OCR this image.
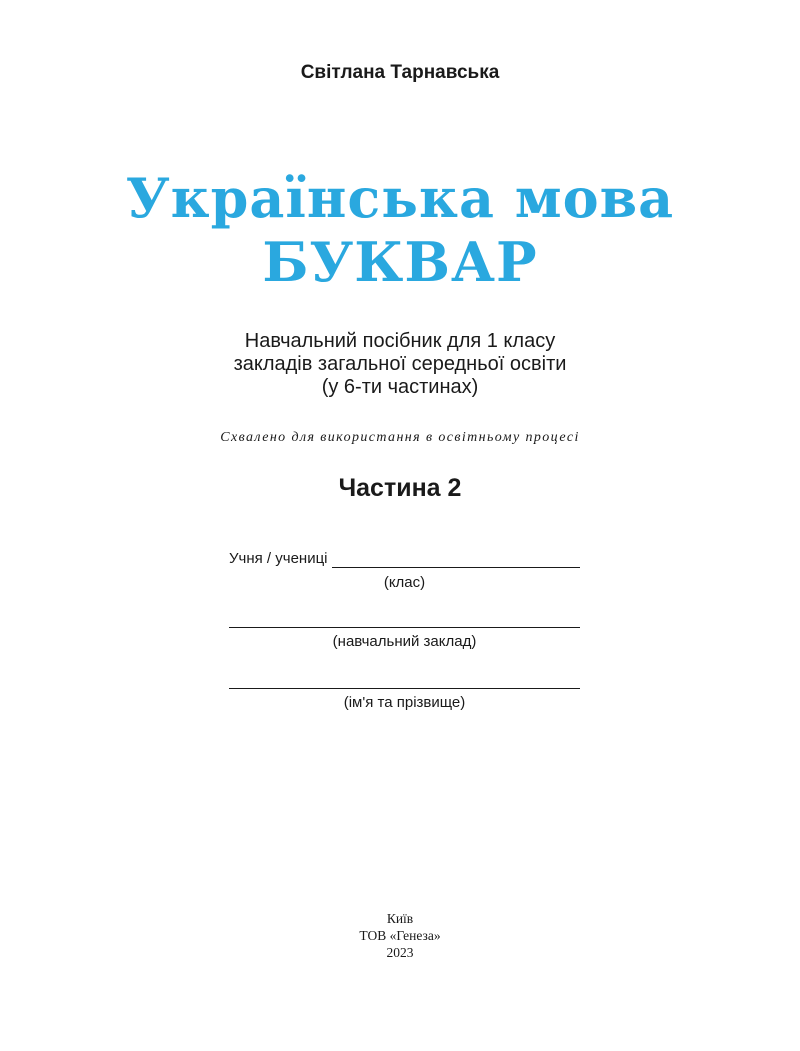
Світлана Тарнавська
Українська мова
БУКВАР
Навчальний посібник для 1 класу
закладів загальної середньої освіти
(у 6-ти частинах)
Схвалено для використання в освітньому процесі
Частина 2
Учня / учениці
(клас)
(навчальний заклад)
(ім'я та прізвище)
Київ
ТОВ «Генеза»
2023
